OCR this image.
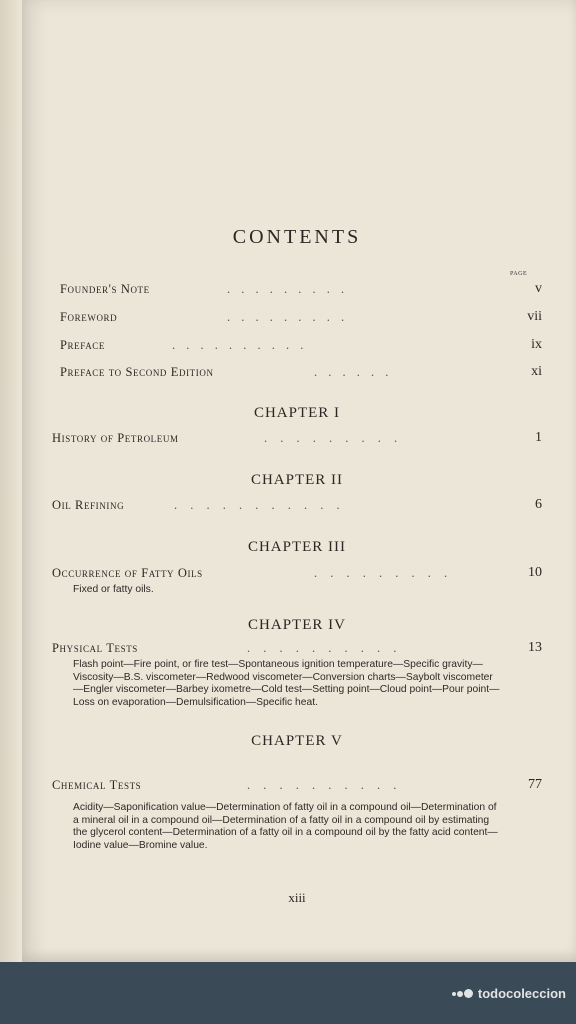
CONTENTS
PAGE
Founder's Note	. . . . . . . . .	v
Foreword	. . . . . . . . .	vii
Preface	. . . . . . . . . .	ix
Preface to Second Edition	. . . . . .	xi
CHAPTER I
History of Petroleum	. . . . . . . . .	1
CHAPTER II
Oil Refining	. . . . . . . . . . .	6
CHAPTER III
Occurrence of Fatty Oils	. . . . . . . . .	10
Fixed or fatty oils.
CHAPTER IV
Physical Tests	. . . . . . . . . .	13
Flash point—Fire point, or fire test—Spontaneous ignition temperature—Specific gravity—Viscosity—B.S. viscometer—Redwood viscometer—Conversion charts—Saybolt viscometer—Engler viscometer—Barbey ixometre—Cold test—Setting point—Cloud point—Pour point—Loss on evaporation—Demulsification—Specific heat.
CHAPTER V
Chemical Tests	. . . . . . . . . .	77
Acidity—Saponification value—Determination of fatty oil in a compound oil—Determination of a mineral oil in a compound oil—Determination of a fatty oil in a compound oil by estimating the glycerol content—Determination of a fatty oil in a compound oil by the fatty acid content—Iodine value—Bromine value.
xiii
todocoleccion
